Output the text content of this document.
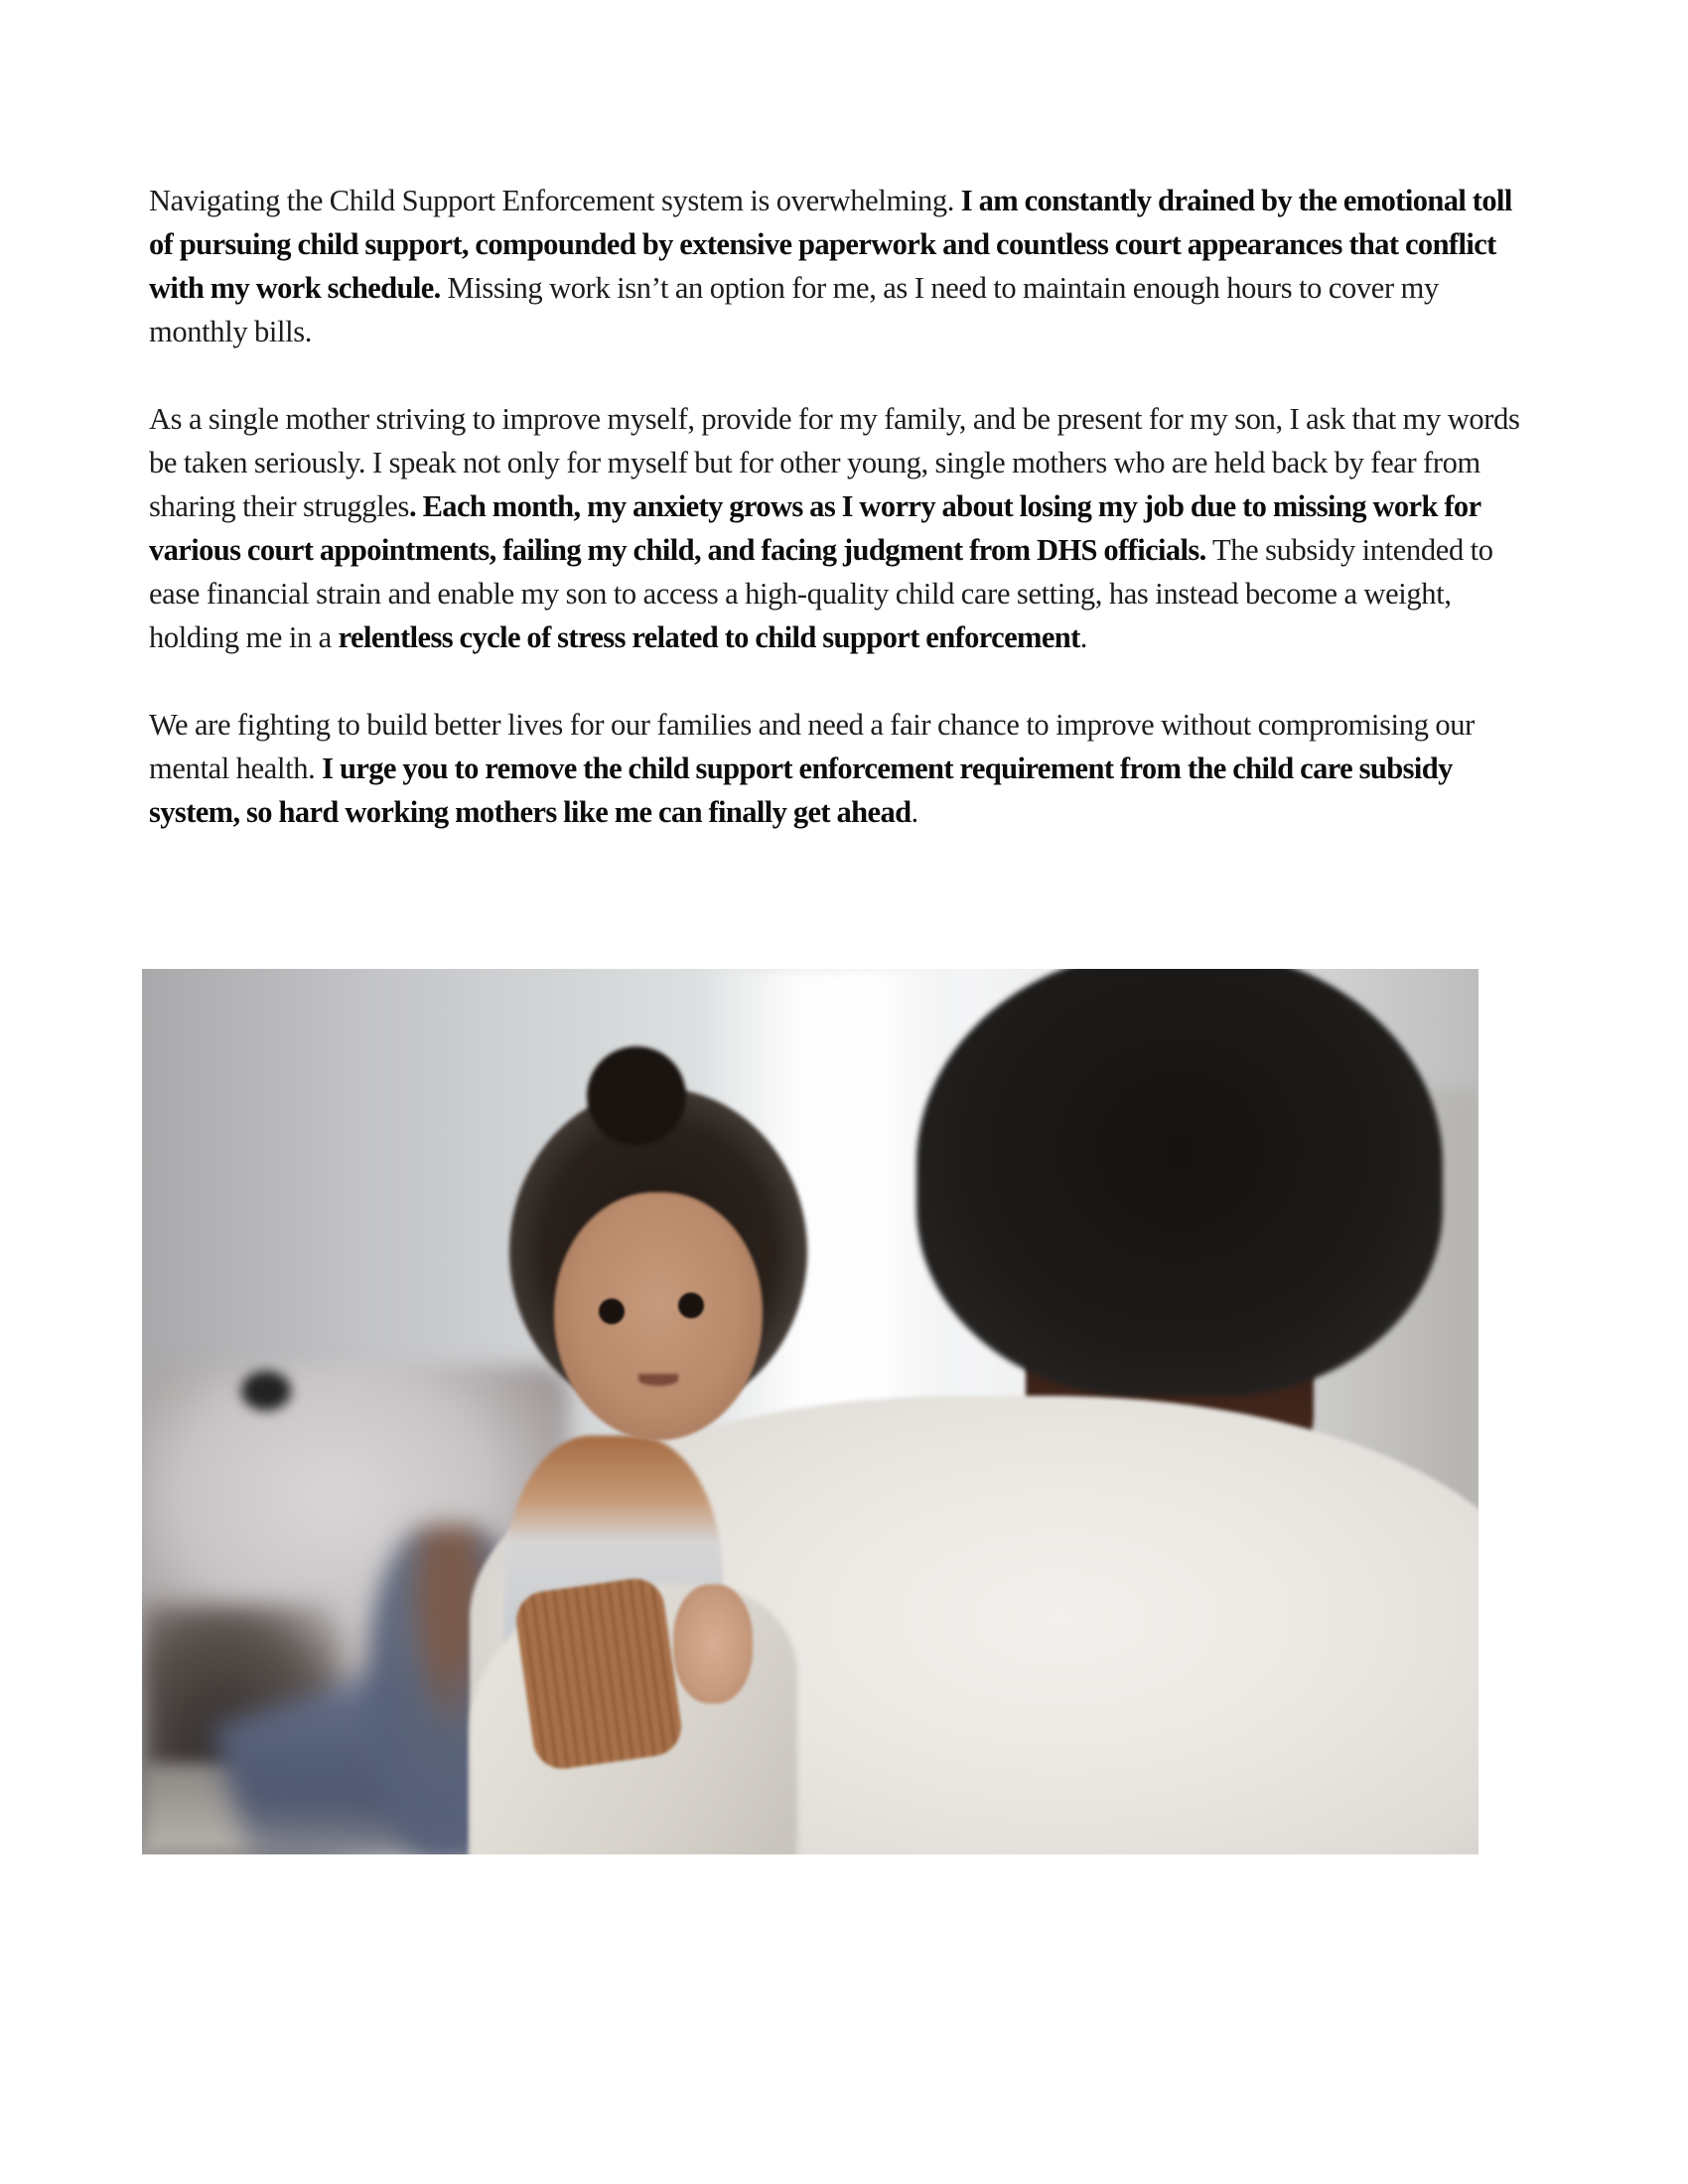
Navigating the Child Support Enforcement system is overwhelming. I am constantly drained by the emotional toll of pursuing child support, compounded by extensive paperwork and countless court appearances that conflict with my work schedule. Missing work isn’t an option for me, as I need to maintain enough hours to cover my monthly bills.

As a single mother striving to improve myself, provide for my family, and be present for my son, I ask that my words be taken seriously. I speak not only for myself but for other young, single mothers who are held back by fear from sharing their struggles. Each month, my anxiety grows as I worry about losing my job due to missing work for various court appointments, failing my child, and facing judgment from DHS officials. The subsidy intended to ease financial strain and enable my son to access a high-quality child care setting, has instead become a weight, holding me in a relentless cycle of stress related to child support enforcement.

We are fighting to build better lives for our families and need a fair chance to improve without compromising our mental health. I urge you to remove the child support enforcement requirement from the child care subsidy system, so hard working mothers like me can finally get ahead.
